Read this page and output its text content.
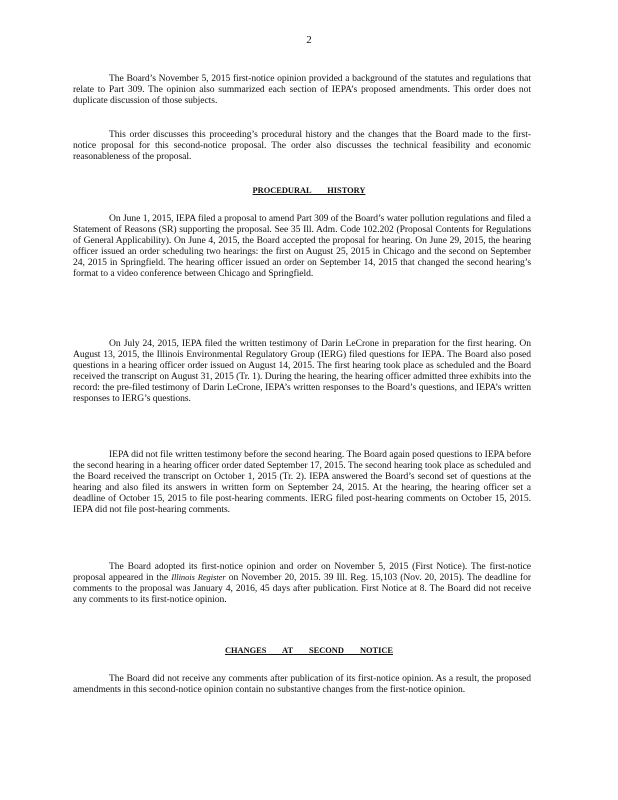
2

The Board’s November 5, 2015 first-notice opinion provided a background of the statutes and regulations that relate to Part 309. The opinion also summarized each section of IEPA’s proposed amendments. This order does not duplicate discussion of those subjects.

This order discusses this proceeding’s procedural history and the changes that the Board made to the first-notice proposal for this second-notice proposal. The order also discusses the technical feasibility and economic reasonableness of the proposal.

PROCEDURAL HISTORY

On June 1, 2015, IEPA filed a proposal to amend Part 309 of the Board’s water pollution regulations and filed a Statement of Reasons (SR) supporting the proposal. See 35 Ill. Adm. Code 102.202 (Proposal Contents for Regulations of General Applicability). On June 4, 2015, the Board accepted the proposal for hearing. On June 29, 2015, the hearing officer issued an order scheduling two hearings: the first on August 25, 2015 in Chicago and the second on September 24, 2015 in Springfield. The hearing officer issued an order on September 14, 2015 that changed the second hearing’s format to a video conference between Chicago and Springfield.

On July 24, 2015, IEPA filed the written testimony of Darin LeCrone in preparation for the first hearing. On August 13, 2015, the Illinois Environmental Regulatory Group (IERG) filed questions for IEPA. The Board also posed questions in a hearing officer order issued on August 14, 2015. The first hearing took place as scheduled and the Board received the transcript on August 31, 2015 (Tr. 1). During the hearing, the hearing officer admitted three exhibits into the record: the pre-filed testimony of Darin LeCrone, IEPA’s written responses to the Board’s questions, and IEPA’s written responses to IERG’s questions.

IEPA did not file written testimony before the second hearing. The Board again posed questions to IEPA before the second hearing in a hearing officer order dated September 17, 2015. The second hearing took place as scheduled and the Board received the transcript on October 1, 2015 (Tr. 2). IEPA answered the Board’s second set of questions at the hearing and also filed its answers in written form on September 24, 2015. At the hearing, the hearing officer set a deadline of October 15, 2015 to file post-hearing comments. IERG filed post-hearing comments on October 15, 2015. IEPA did not file post-hearing comments.

The Board adopted its first-notice opinion and order on November 5, 2015 (First Notice). The first-notice proposal appeared in the Illinois Register on November 20, 2015. 39 Ill. Reg. 15,103 (Nov. 20, 2015). The deadline for comments to the proposal was January 4, 2016, 45 days after publication. First Notice at 8. The Board did not receive any comments to its first-notice opinion.

CHANGES AT SECOND NOTICE

The Board did not receive any comments after publication of its first-notice opinion. As a result, the proposed amendments in this second-notice opinion contain no substantive changes from the first-notice opinion.
